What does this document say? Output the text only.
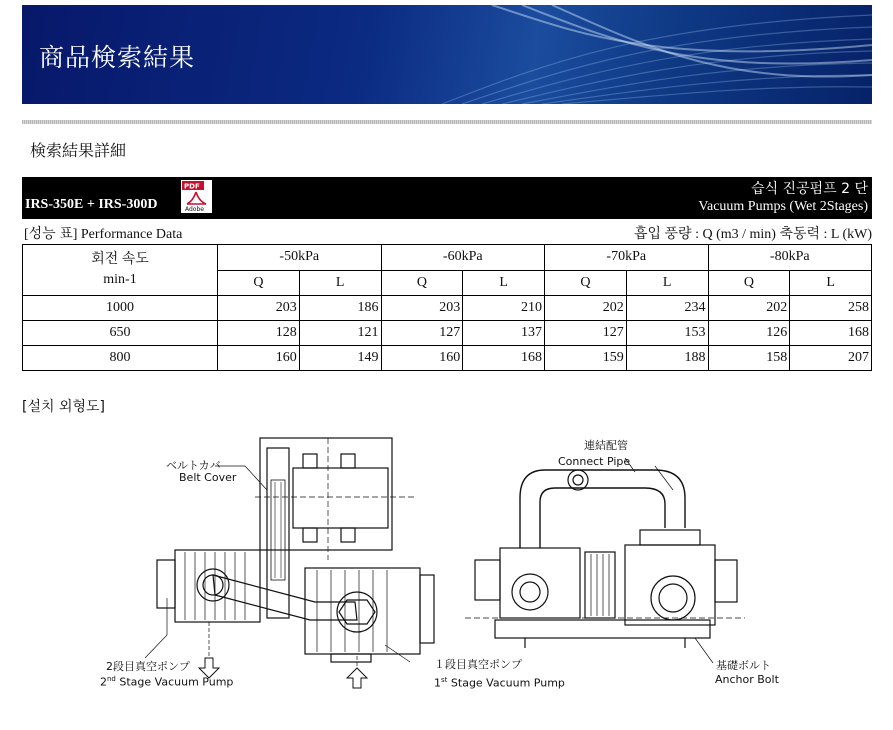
商品検索結果
検索結果詳細
IRS-350E + IRS-300D
PDF
Adobe
습식 진공펌프 2 단
Vacuum Pumps (Wet 2Stages)
[성능 표] Performance Data	흡입 풍량 : Q (m3 / min) 축동력 : L (kW)
회전 속도
min-1	-50kPa		-60kPa		-70kPa		-80kPa	
	Q	L	Q	L	Q	L	Q	L
1000	203	186	203	210	202	234	202	258
650	128	121	127	137	127	153	126	168
800	160	149	160	168	159	188	158	207
[설치 외형도]
ベルトカバ
Belt Cover
連結配管
Connect Pipe
2段目真空ポンプ
2nd Stage Vacuum Pump
１段目真空ポンプ
1st Stage Vacuum Pump
基礎ボルト
Anchor Bolt
